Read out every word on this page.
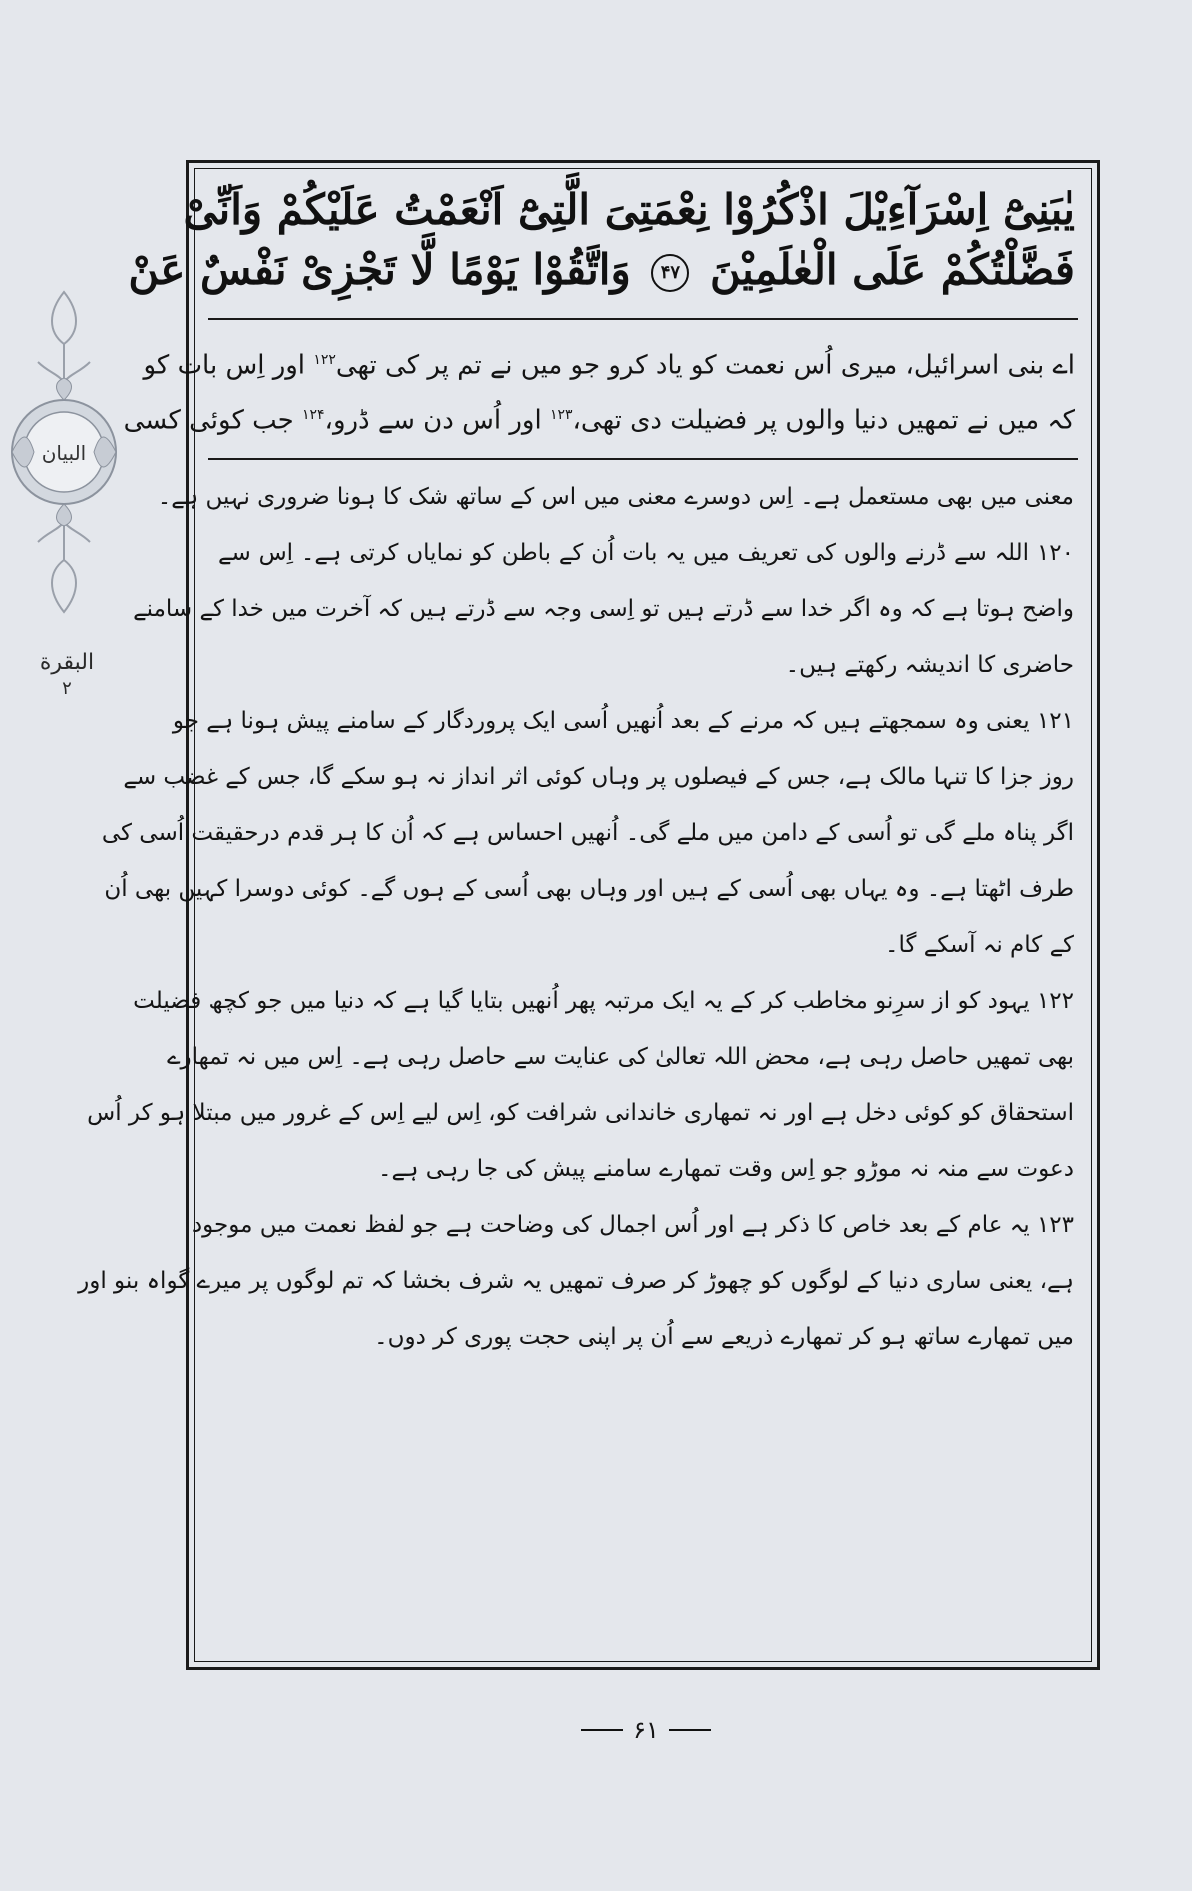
البیان
البقرة
۲
یٰبَنِیْٓ اِسْرَآءِیْلَ اذْکُرُوْا نِعْمَتِیَ الَّتِیْٓ اَنْعَمْتُ عَلَیْکُمْ وَاَنِّیْ
فَضَّلْتُکُمْ عَلَی الْعٰلَمِیْنَ ۴۷ وَاتَّقُوْا یَوْمًا لَّا تَجْزِیْ نَفْسٌ عَنْ
اے بنی اسرائیل، میری اُس نعمت کو یاد کرو جو میں نے تم پر کی تھی$^{۱۲۲}$ اور اِس بات کو
کہ میں نے تمھیں دنیا والوں پر فضیلت دی تھی،$^{۱۲۳}$ اور اُس دن سے ڈرو،$^{۱۲۴}$ جب کوئی کسی
معنی میں بھی مستعمل ہے۔ اِس دوسرے معنی میں اس کے ساتھ شک کا ہونا ضروری نہیں ہے۔
۱۲۰ اللہ سے ڈرنے والوں کی تعریف میں یہ بات اُن کے باطن کو نمایاں کرتی ہے۔ اِس سے
واضح ہوتا ہے کہ وہ اگر خدا سے ڈرتے ہیں تو اِسی وجہ سے ڈرتے ہیں کہ آخرت میں خدا کے سامنے
حاضری کا اندیشہ رکھتے ہیں۔
۱۲۱ یعنی وہ سمجھتے ہیں کہ مرنے کے بعد اُنھیں اُسی ایک پروردگار کے سامنے پیش ہونا ہے جو
روز جزا کا تنہا مالک ہے، جس کے فیصلوں پر وہاں کوئی اثر انداز نہ ہو سکے گا، جس کے غضب سے
اگر پناہ ملے گی تو اُسی کے دامن میں ملے گی۔ اُنھیں احساس ہے کہ اُن کا ہر قدم درحقیقت اُسی کی
طرف اٹھتا ہے۔ وہ یہاں بھی اُسی کے ہیں اور وہاں بھی اُسی کے ہوں گے۔ کوئی دوسرا کہیں بھی اُن
کے کام نہ آسکے گا۔
۱۲۲ یہود کو از سرِنو مخاطب کر کے یہ ایک مرتبہ پھر اُنھیں بتایا گیا ہے کہ دنیا میں جو کچھ فضیلت
بھی تمھیں حاصل رہی ہے، محض اللہ تعالیٰ کی عنایت سے حاصل رہی ہے۔ اِس میں نہ تمھارے
استحقاق کو کوئی دخل ہے اور نہ تمھاری خاندانی شرافت کو، اِس لیے اِس کے غرور میں مبتلا ہو کر اُس
دعوت سے منہ نہ موڑو جو اِس وقت تمھارے سامنے پیش کی جا رہی ہے۔
۱۲۳ یہ عام کے بعد خاص کا ذکر ہے اور اُس اجمال کی وضاحت ہے جو لفظ نعمت میں موجود
ہے، یعنی ساری دنیا کے لوگوں کو چھوڑ کر صرف تمھیں یہ شرف بخشا کہ تم لوگوں پر میرے گواہ بنو اور
میں تمھارے ساتھ ہو کر تمھارے ذریعے سے اُن پر اپنی حجت پوری کر دوں۔
۶۱
